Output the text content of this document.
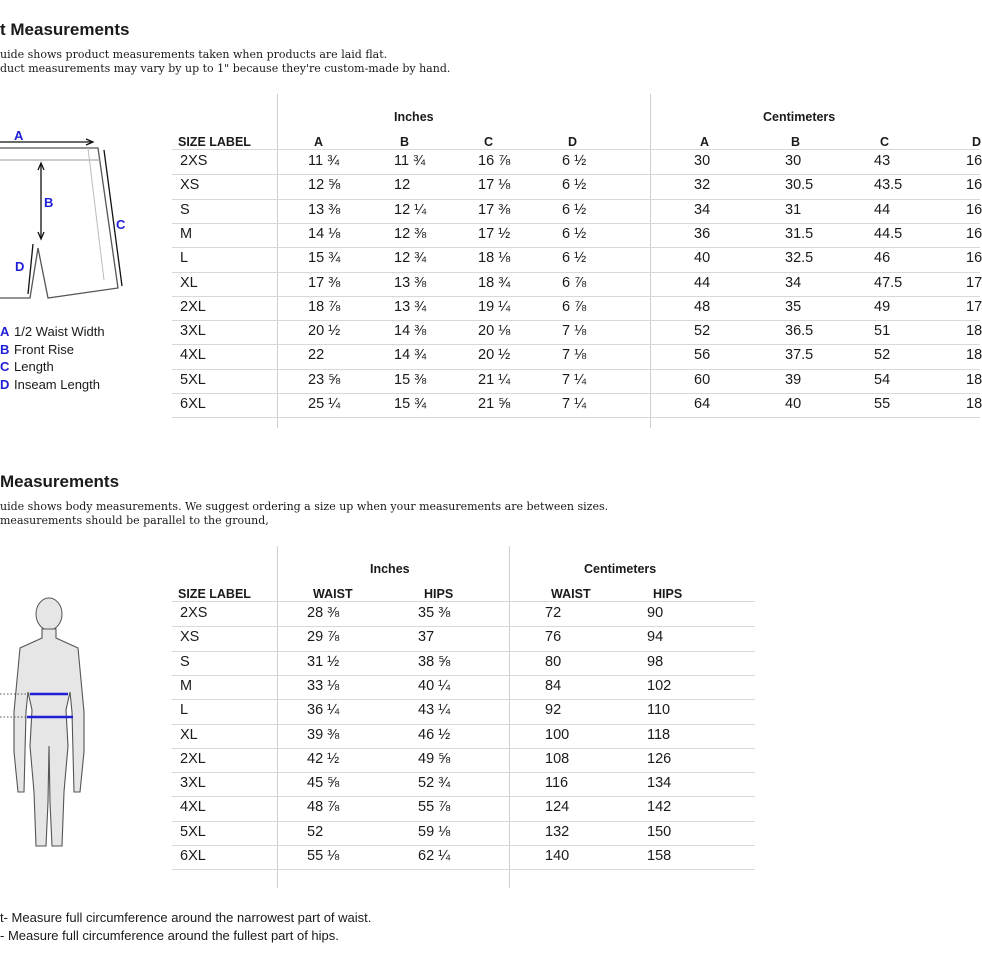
t Measurements
uide shows product measurements taken when products are laid flat.
duct measurements may vary by up to 1" because they're custom-made by hand.
A
B
C
D
A 1/2 Waist Width
B Front Rise
C Length
D Inseam Length
Inches	Centimeters
Measurements
uide shows body measurements. We suggest ordering a size up when your measurements are between sizes.
measurements should be parallel to the ground,
Inches	Centimeters
t- Measure full circumference around the narrowest part of waist.
- Measure full circumference around the fullest part of hips.
SIZE LABEL	A	B	C	D	A	B	C	D
2XS	11 ¾	11 ¾	16 ⅞	6 ½	30	30	43	16
XS	12 ⅝	12	17 ⅛	6 ½	32	30.5	43.5	16
S	13 ⅜	12 ¼	17 ⅜	6 ½	34	31	44	16
M	14 ⅛	12 ⅜	17 ½	6 ½	36	31.5	44.5	16
L	15 ¾	12 ¾	18 ⅛	6 ½	40	32.5	46	16
XL	17 ⅜	13 ⅜	18 ¾	6 ⅞	44	34	47.5	17
2XL	18 ⅞	13 ¾	19 ¼	6 ⅞	48	35	49	17
3XL	20 ½	14 ⅜	20 ⅛	7 ⅛	52	36.5	51	18
4XL	22	14 ¾	20 ½	7 ⅛	56	37.5	52	18
5XL	23 ⅝	15 ⅜	21 ¼	7 ¼	60	39	54	18
6XL	25 ¼	15 ¾	21 ⅝	7 ¼	64	40	55	18
SIZE LABEL	WAIST	HIPS	WAIST	HIPS
2XS	28 ⅜	35 ⅜	72	90
XS	29 ⅞	37	76	94
S	31 ½	38 ⅝	80	98
M	33 ⅛	40 ¼	84	102
L	36 ¼	43 ¼	92	110
XL	39 ⅜	46 ½	100	118
2XL	42 ½	49 ⅝	108	126
3XL	45 ⅝	52 ¾	116	134
4XL	48 ⅞	55 ⅞	124	142
5XL	52	59 ⅛	132	150
6XL	55 ⅛	62 ¼	140	158
